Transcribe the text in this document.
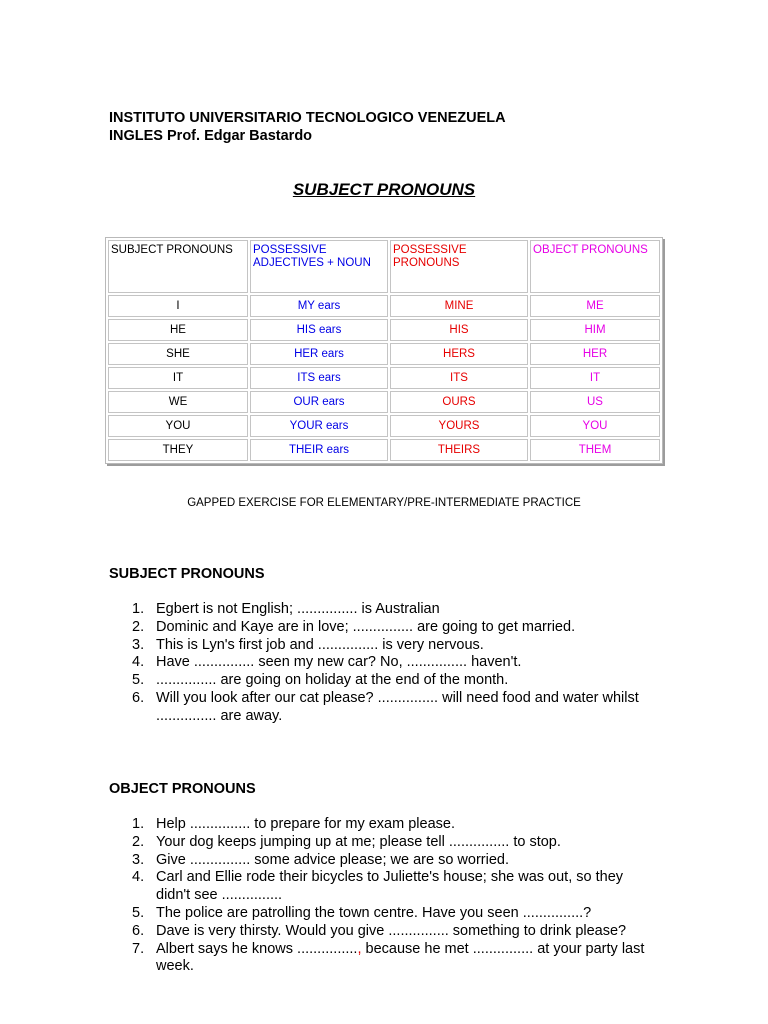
INSTITUTO UNIVERSITARIO TECNOLOGICO VENEZUELA
INGLES Prof. Edgar Bastardo
SUBJECT PRONOUNS
SUBJECT PRONOUNS	POSSESSIVE ADJECTIVES + NOUN	POSSESSIVE PRONOUNS	OBJECT PRONOUNS
I	MY ears	MINE	ME
HE	HIS ears	HIS	HIM
SHE	HER ears	HERS	HER
IT	ITS ears	ITS	IT
WE	OUR ears	OURS	US
YOU	YOUR ears	YOURS	YOU
THEY	THEIR ears	THEIRS	THEM
GAPPED EXERCISE FOR ELEMENTARY/PRE-INTERMEDIATE PRACTICE
SUBJECT PRONOUNS
1. Egbert is not English; ............... is Australian
2. Dominic and Kaye are in love; ............... are going to get married.
3. This is Lyn's first job and ............... is very nervous.
4. Have ............... seen my new car? No, ............... haven't.
5. ............... are going on holiday at the end of the month.
6. Will you look after our cat please? ............... will need food and water whilst ............... are away.
OBJECT PRONOUNS
1. Help ............... to prepare for my exam please.
2. Your dog keeps jumping up at me; please tell ............... to stop.
3. Give ............... some advice please; we are so worried.
4. Carl and Ellie rode their bicycles to Juliette's house; she was out, so they didn't see ...............
5. The police are patrolling the town centre. Have you seen ...............?
6. Dave is very thirsty. Would you give ............... something to drink please?
7. Albert says he knows ..............., because he met ............... at your party last week.
